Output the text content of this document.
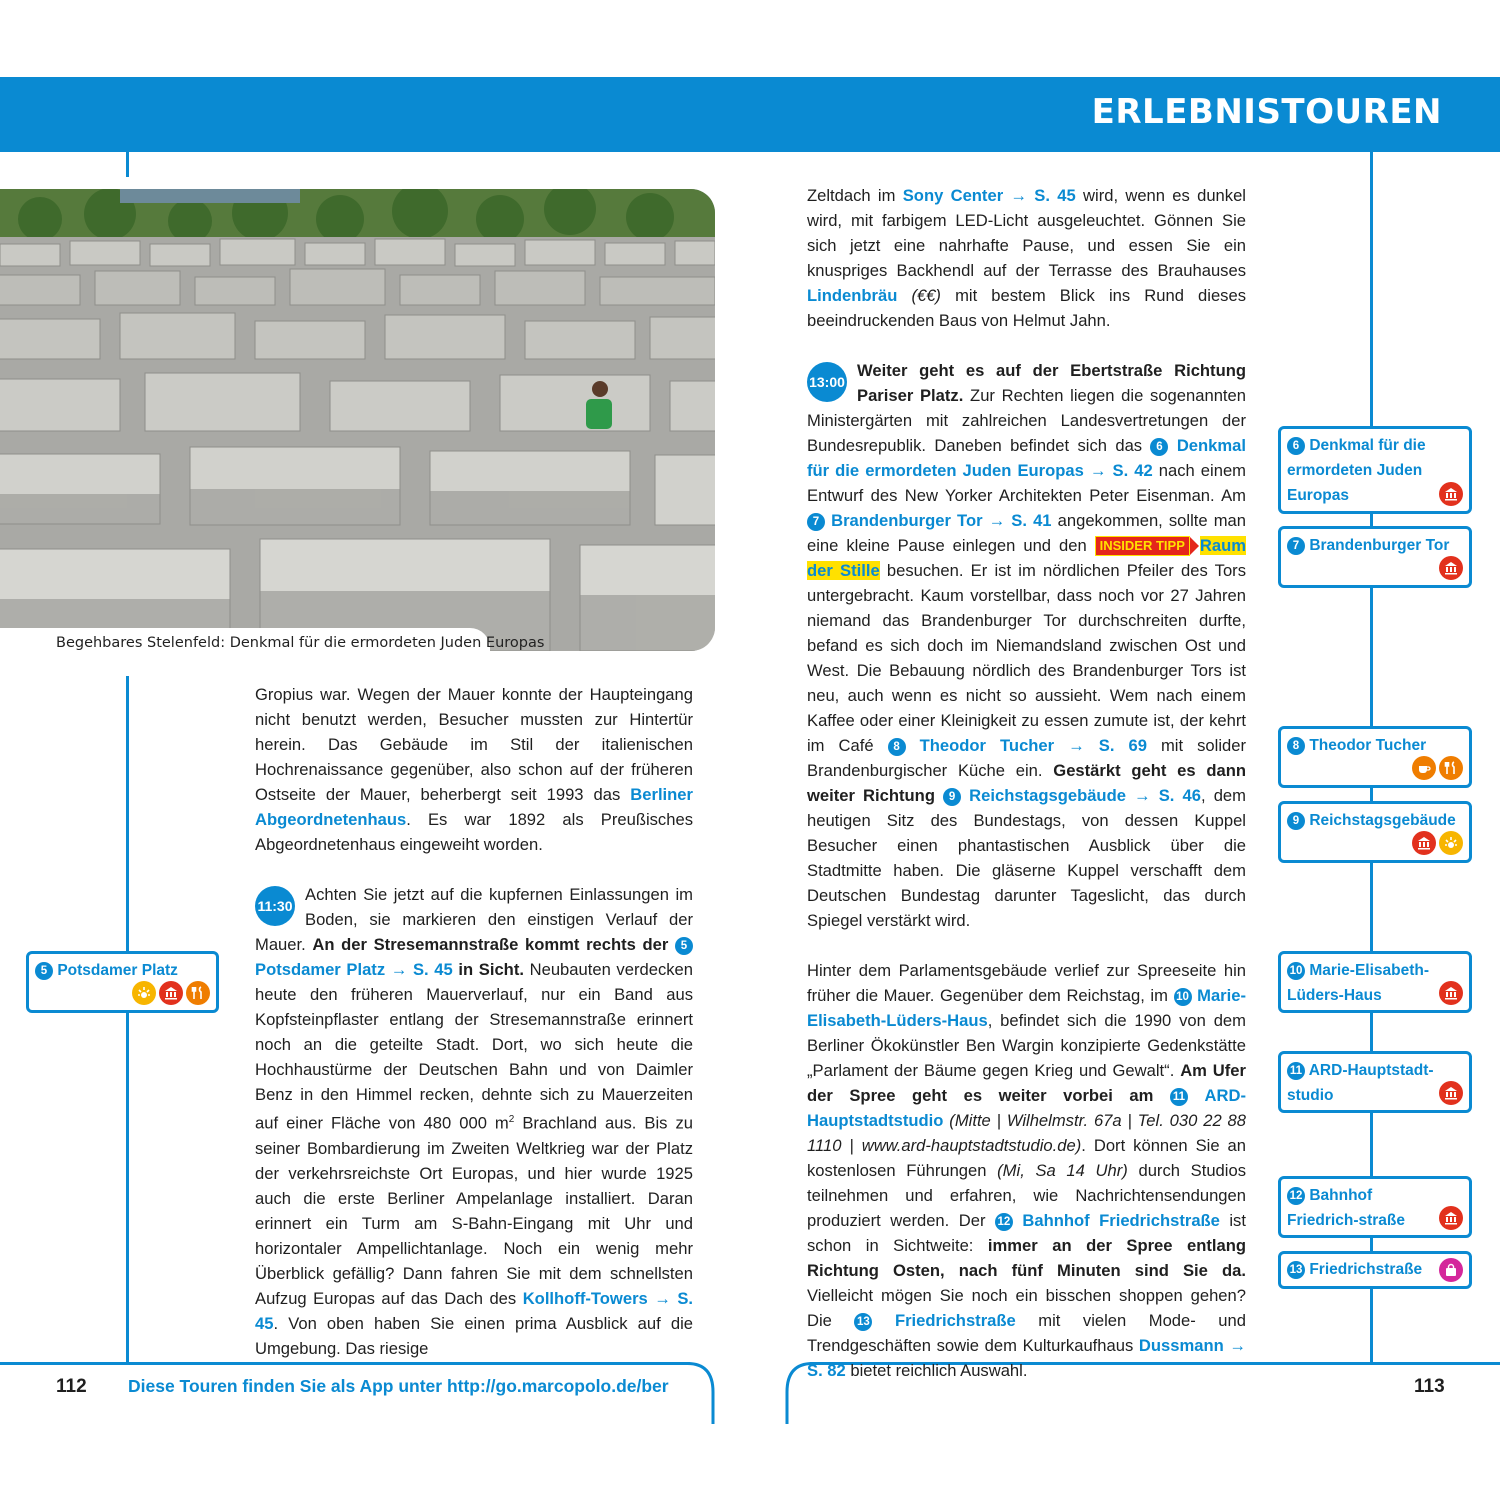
ERLEBNISTOUREN
Begehbares Stelenfeld: Denkmal für die ermordeten Juden Europas

Gropius war. Wegen der Mauer konnte der Haupteingang nicht benutzt werden, Besucher mussten zur Hintertür herein. Das Gebäude im Stil der italienischen Hochrenaissance gegenüber, also schon auf der früheren Ostseite der Mauer, beherbergt seit 1993 das Berliner Abgeordnetenhaus. Es war 1892 als Preußisches Abgeordnetenhaus eingeweiht worden.

11:30
Achten Sie jetzt auf die kupfernen Einlassungen im Boden, sie markieren den einstigen Verlauf der Mauer. An der Stresemannstraße kommt rechts der 5 Potsdamer Platz → S. 45 in Sicht. Neubauten verdecken heute den früheren Mauerverlauf, nur ein Band aus Kopfsteinpflaster entlang der Stresemannstraße erinnert noch an die geteilte Stadt. Dort, wo sich heute die Hochhaustürme der Deutschen Bahn und von Daimler Benz in den Himmel recken, dehnte sich zu Mauerzeiten auf einer Fläche von 480 000 $m^2$ Brachland aus. Bis zu seiner Bombardierung im Zweiten Weltkrieg war der Platz der verkehrsreichste Ort Europas, und hier wurde 1925 auch die erste Berliner Ampelanlage installiert. Daran erinnert ein Turm am S-Bahn-Eingang mit Uhr und horizontaler Ampellichtanlage. Noch ein wenig mehr Überblick gefällig? Dann fahren Sie mit dem schnellsten Aufzug Europas auf das Dach des Kollhoff-Towers → S. 45. Von oben haben Sie einen prima Ausblick auf die Umgebung. Das riesige

Zeltdach im Sony Center → S. 45 wird, wenn es dunkel wird, mit farbigem LED-Licht ausgeleuchtet. Gönnen Sie sich jetzt eine nahrhafte Pause, und essen Sie ein knuspriges Backhendl auf der Terrasse des Brauhauses Lindenbräu (€€) mit bestem Blick ins Rund dieses beeindruckenden Baus von Helmut Jahn.

13:00
Weiter geht es auf der Ebertstraße Richtung Pariser Platz. Zur Rechten liegen die sogenannten Ministergärten mit zahlreichen Landesvertretungen der Bundesrepublik. Daneben befindet sich das 6 Denkmal für die ermordeten Juden Europas → S. 42 nach einem Entwurf des New Yorker Architekten Peter Eisenman. Am 7 Brandenburger Tor → S. 41 angekommen, sollte man eine kleine Pause einlegen und den INSIDER TIPP Raum der Stille besuchen. Er ist im nördlichen Pfeiler des Tors untergebracht. Kaum vorstellbar, dass noch vor 27 Jahren niemand das Brandenburger Tor durchschreiten durfte, befand es sich doch im Niemandsland zwischen Ost und West. Die Bebauung nördlich des Brandenburger Tors ist neu, auch wenn es nicht so aussieht. Wem nach einem Kaffee oder einer Kleinigkeit zu essen zumute ist, der kehrt im Café 8 Theodor Tucher → S. 69 mit solider Brandenburgischer Küche ein. Gestärkt geht es dann weiter Richtung 9 Reichstagsgebäude → S. 46, dem heutigen Sitz des Bundestags, von dessen Kuppel Besucher einen phantastischen Ausblick über die Stadtmitte haben. Die gläserne Kuppel verschafft dem Deutschen Bundestag darunter Tageslicht, das durch Spiegel verstärkt wird.

Hinter dem Parlamentsgebäude verlief zur Spreeseite hin früher die Mauer. Gegenüber dem Reichstag, im 10 Marie-Elisabeth-Lüders-Haus, befindet sich die 1990 von dem Berliner Ökokünstler Ben Wargin konzipierte Gedenkstätte „Parlament der Bäume gegen Krieg und Gewalt“. Am Ufer der Spree geht es weiter vorbei am 11 ARD-Hauptstadtstudio (Mitte | Wilhelmstr. 67a | Tel. 030 22 88 1110 | www.ard-hauptstadtstudio.de). Dort können Sie an kostenlosen Führungen (Mi, Sa 14 Uhr) durch Studios teilnehmen und erfahren, wie Nachrichtensendungen produziert werden. Der 12 Bahnhof Friedrichstraße ist schon in Sichtweite: immer an der Spree entlang Richtung Osten, nach fünf Minuten sind Sie da. Vielleicht mögen Sie noch ein bisschen shoppen gehen? Die 13 Friedrichstraße mit vielen Mode- und Trendgeschäften sowie dem Kulturkaufhaus Dussmann → S. 82 bietet reichlich Auswahl.

5 Potsdamer Platz
6 Denkmal für die ermordeten Juden Europas
7 Brandenburger Tor
8 Theodor Tucher
9 Reichstagsgebäude
10 Marie-Elisabeth-Lüders-Haus
11 ARD-Hauptstadt-studio
12 Bahnhof Friedrich-straße
13 Friedrichstraße
112 Diese Touren finden Sie als App unter http://go.marcopolo.de/ber	113
